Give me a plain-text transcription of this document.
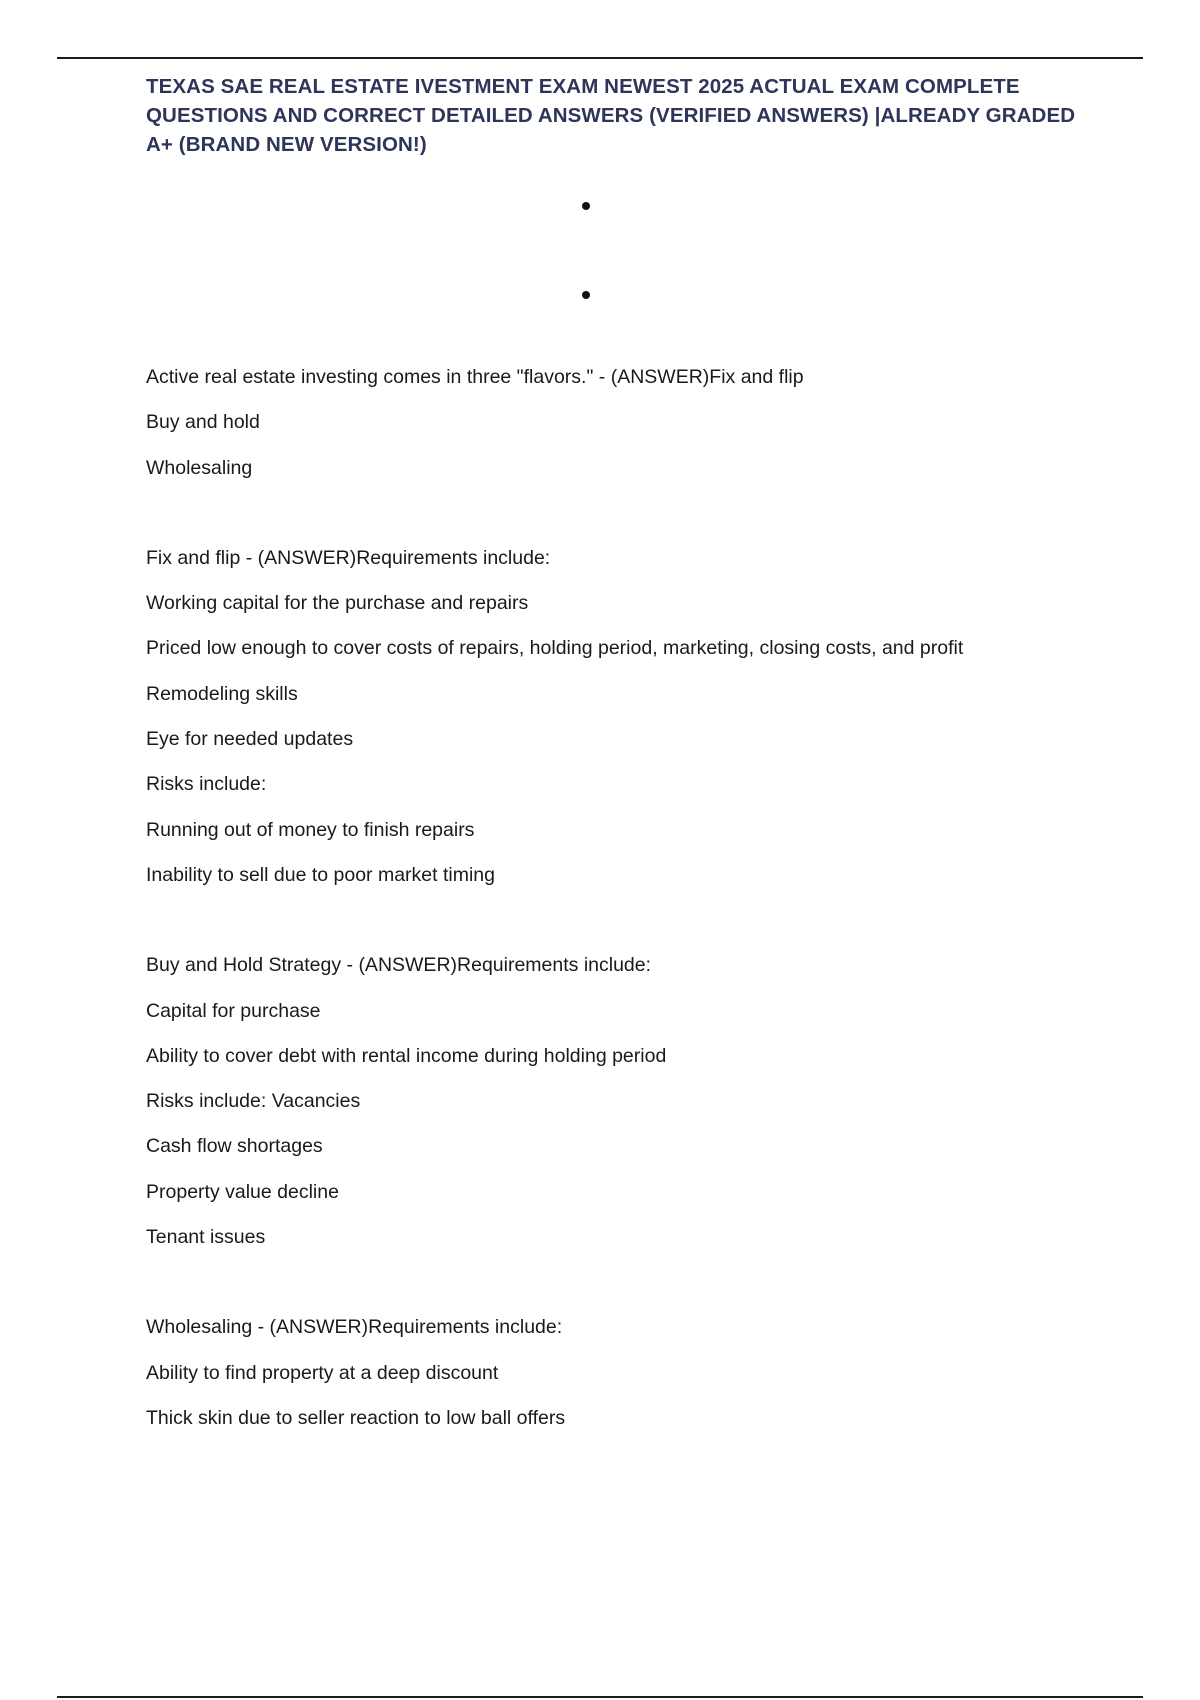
TEXAS SAE REAL ESTATE IVESTMENT EXAM NEWEST 2025 ACTUAL EXAM COMPLETE QUESTIONS AND CORRECT DETAILED ANSWERS (VERIFIED ANSWERS) |ALREADY GRADED A+ (BRAND NEW VERSION!)

Active real estate investing comes in three "flavors." - (ANSWER)Fix and flip

Buy and hold

Wholesaling

Fix and flip - (ANSWER)Requirements include:

Working capital for the purchase and repairs

Priced low enough to cover costs of repairs, holding period, marketing, closing costs, and profit

Remodeling skills

Eye for needed updates

Risks include:

Running out of money to finish repairs

Inability to sell due to poor market timing

Buy and Hold Strategy - (ANSWER)Requirements include:

Capital for purchase

Ability to cover debt with rental income during holding period

Risks include: Vacancies

Cash flow shortages

Property value decline

Tenant issues

Wholesaling - (ANSWER)Requirements include:

Ability to find property at a deep discount

Thick skin due to seller reaction to low ball offers
